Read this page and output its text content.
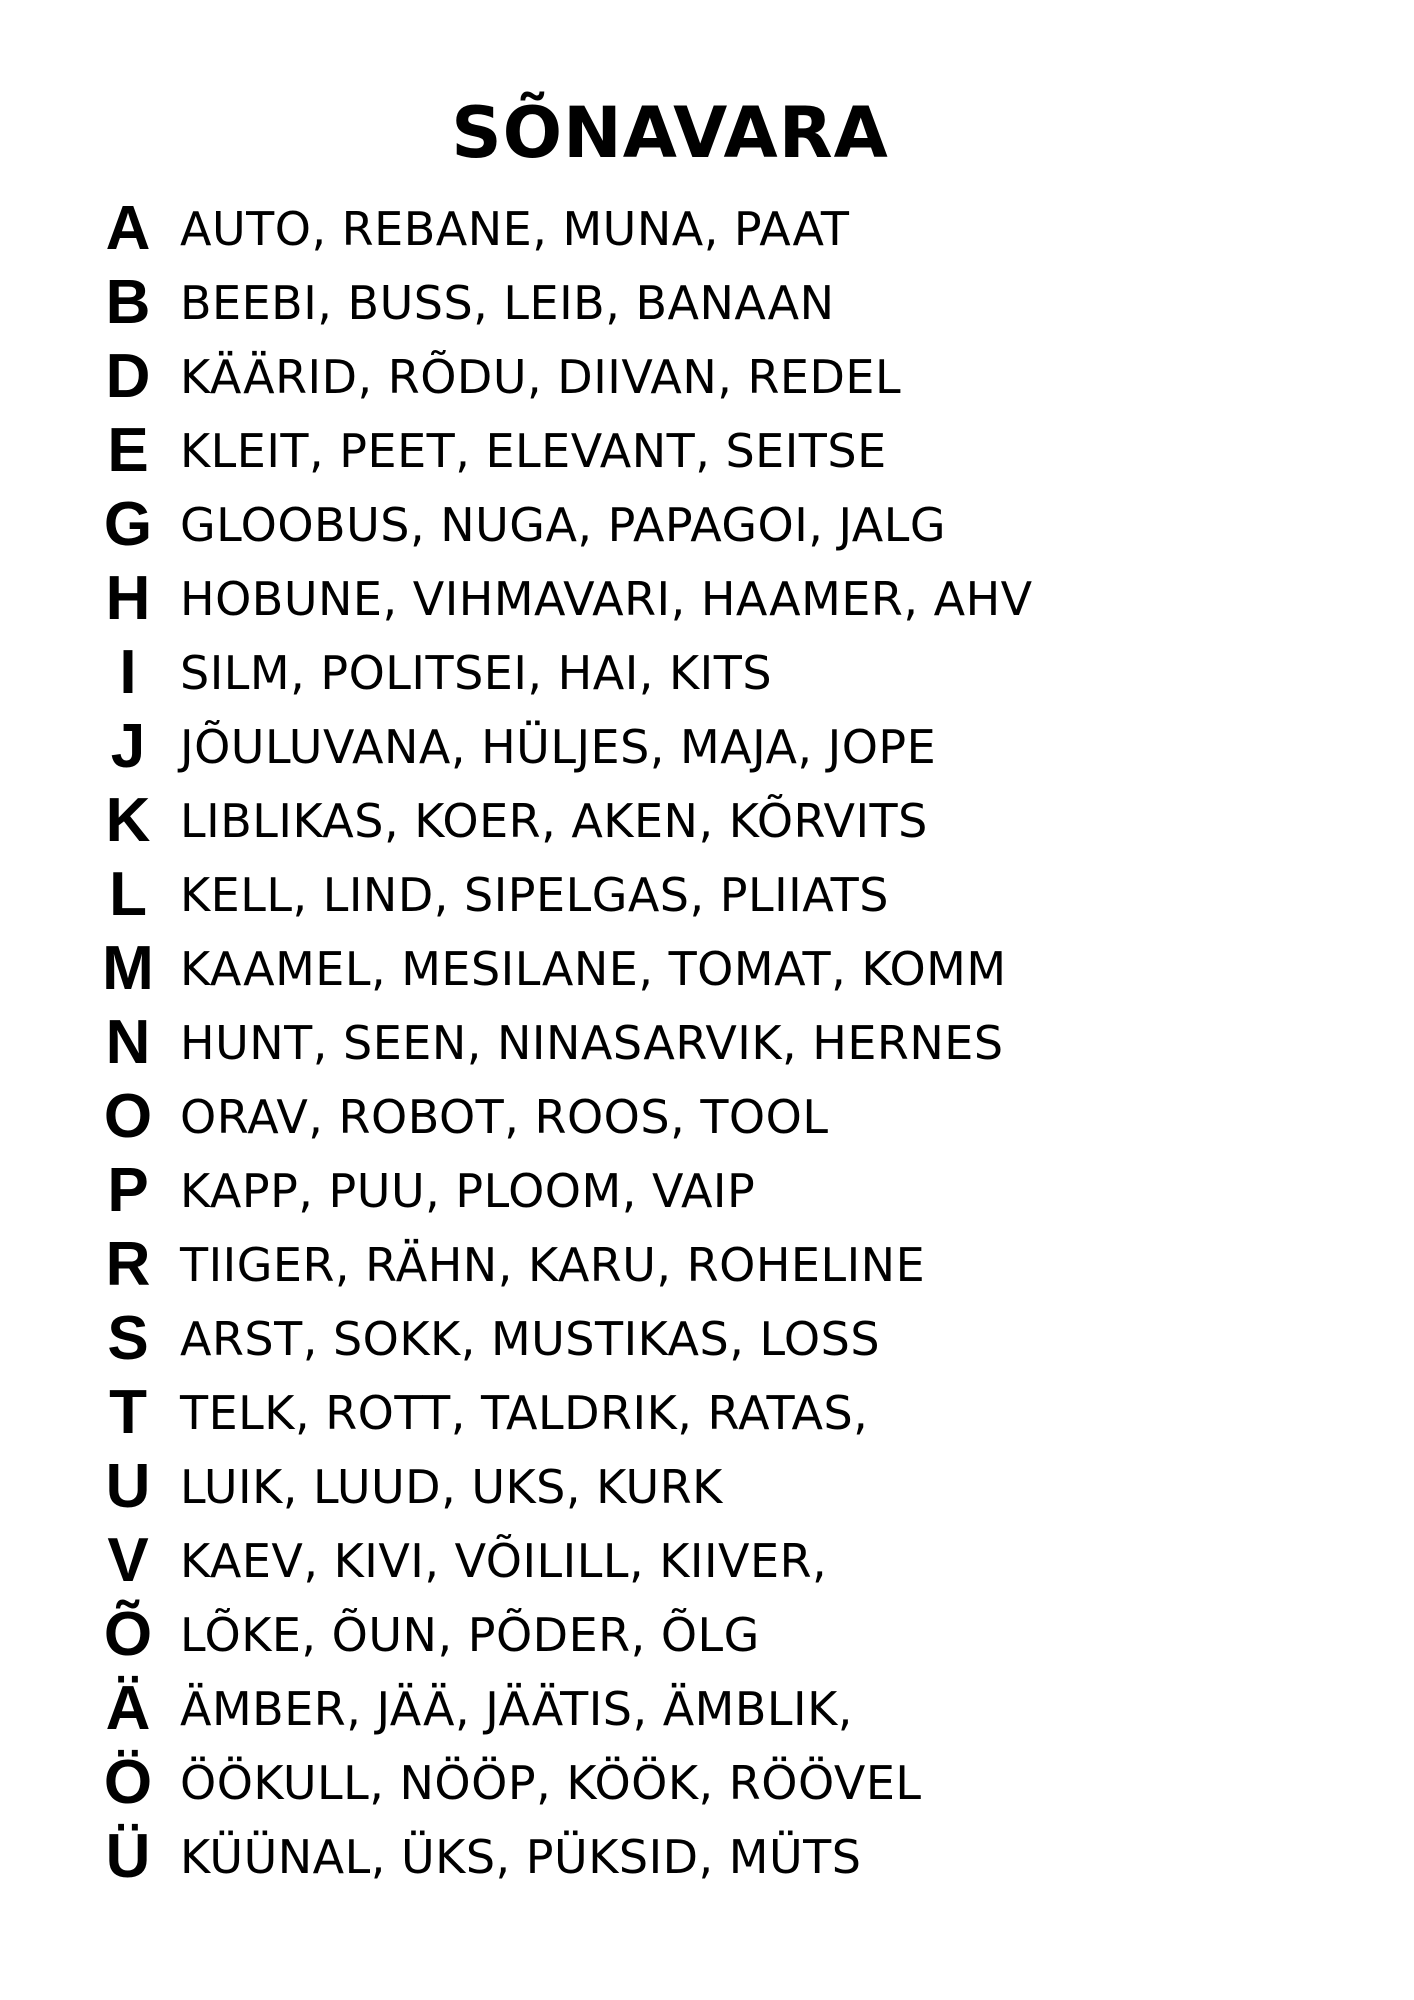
SÕNAVARA
A AUTO, REBANE, MUNA, PAAT
B BEEBI, BUSS, LEIB, BANAAN
D KÄÄRID, RÕDU, DIIVAN, REDEL
E KLEIT, PEET, ELEVANT, SEITSE
G GLOOBUS, NUGA, PAPAGOI, JALG
H HOBUNE, VIHMAVARI, HAAMER, AHV
I SILM, POLITSEI, HAI, KITS
J JÕULUVANA, HÜLJES, MAJA, JOPE
K LIBLIKAS, KOER, AKEN, KÕRVITS
L KELL, LIND, SIPELGAS, PLIIATS
M KAAMEL, MESILANE, TOMAT, KOMM
N HUNT, SEEN, NINASARVIK, HERNES
O ORAV, ROBOT, ROOS, TOOL
P KAPP, PUU, PLOOM, VAIP
R TIIGER, RÄHN, KARU, ROHELINE
S ARST, SOKK, MUSTIKAS, LOSS
T TELK, ROTT, TALDRIK, RATAS,
U LUIK, LUUD, UKS, KURK
V KAEV, KIVI, VÕILILL, KIIVER,
Õ LÕKE, ÕUN, PÕDER, ÕLG
Ä ÄMBER, JÄÄ, JÄÄTIS, ÄMBLIK,
Ö ÖÖKULL, NÖÖP, KÖÖK, RÖÖVEL
Ü KÜÜNAL, ÜKS, PÜKSID, MÜTS
